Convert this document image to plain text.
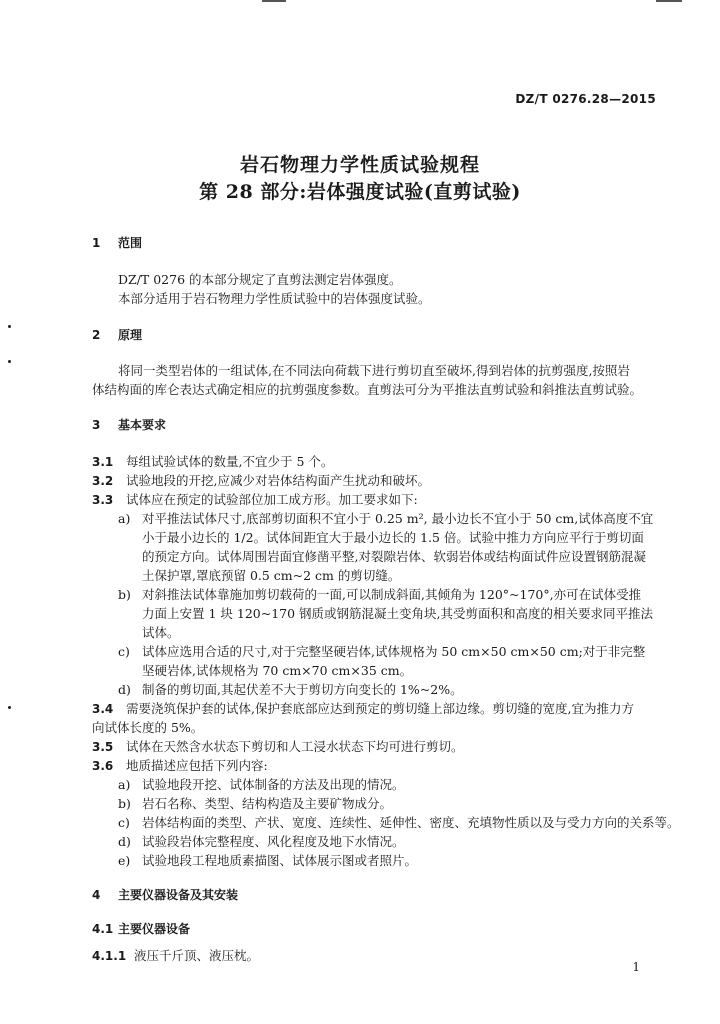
DZ/T 0276.28—2015
岩石物理力学性质试验规程
第 28 部分:岩体强度试验(直剪试验)
1 范围
DZ/T 0276 的本部分规定了直剪法测定岩体强度。
本部分适用于岩石物理力学性质试验中的岩体强度试验。
2 原理
将同一类型岩体的一组试体,在不同法向荷载下进行剪切直至破坏,得到岩体的抗剪强度,按照岩
体结构面的库仑表达式确定相应的抗剪强度参数。直剪法可分为平推法直剪试验和斜推法直剪试验。
3 基本要求
3.1 每组试验试体的数量,不宜少于 5 个。
3.2 试验地段的开挖,应减少对岩体结构面产生扰动和破坏。
3.3 试体应在预定的试验部位加工成方形。加工要求如下:
a) 对平推法试体尺寸,底部剪切面积不宜小于 0.25 m², 最小边长不宜小于 50 cm,试体高度不宜
小于最小边长的 1/2。试体间距宜大于最小边长的 1.5 倍。试验中推力方向应平行于剪切面
的预定方向。试体周围岩面宜修凿平整,对裂隙岩体、软弱岩体或结构面试件应设置钢筋混凝
土保护罩,罩底预留 0.5 cm~2 cm 的剪切缝。
b) 对斜推法试体靠施加剪切载荷的一面,可以制成斜面,其倾角为 120°~170°,亦可在试体受推
力面上安置 1 块 120~170 钢质或钢筋混凝土变角块,其受剪面积和高度的相关要求同平推法
试体。
c) 试体应选用合适的尺寸,对于完整坚硬岩体,试体规格为 50 cm×50 cm×50 cm;对于非完整
坚硬岩体,试体规格为 70 cm×70 cm×35 cm。
d) 制备的剪切面,其起伏差不大于剪切方向变长的 1%~2%。
3.4 需要浇筑保护套的试体,保护套底部应达到预定的剪切缝上部边缘。剪切缝的宽度,宜为推力方
向试体长度的 5%。
3.5 试体在天然含水状态下剪切和人工浸水状态下均可进行剪切。
3.6 地质描述应包括下列内容:
a) 试验地段开挖、试体制备的方法及出现的情况。
b) 岩石名称、类型、结构构造及主要矿物成分。
c) 岩体结构面的类型、产状、宽度、连续性、延伸性、密度、充填物性质以及与受力方向的关系等。
d) 试验段岩体完整程度、风化程度及地下水情况。
e) 试验地段工程地质素描图、试体展示图或者照片。
4 主要仪器设备及其安装
4.1 主要仪器设备
4.1.1 液压千斤顶、液压枕。
1
